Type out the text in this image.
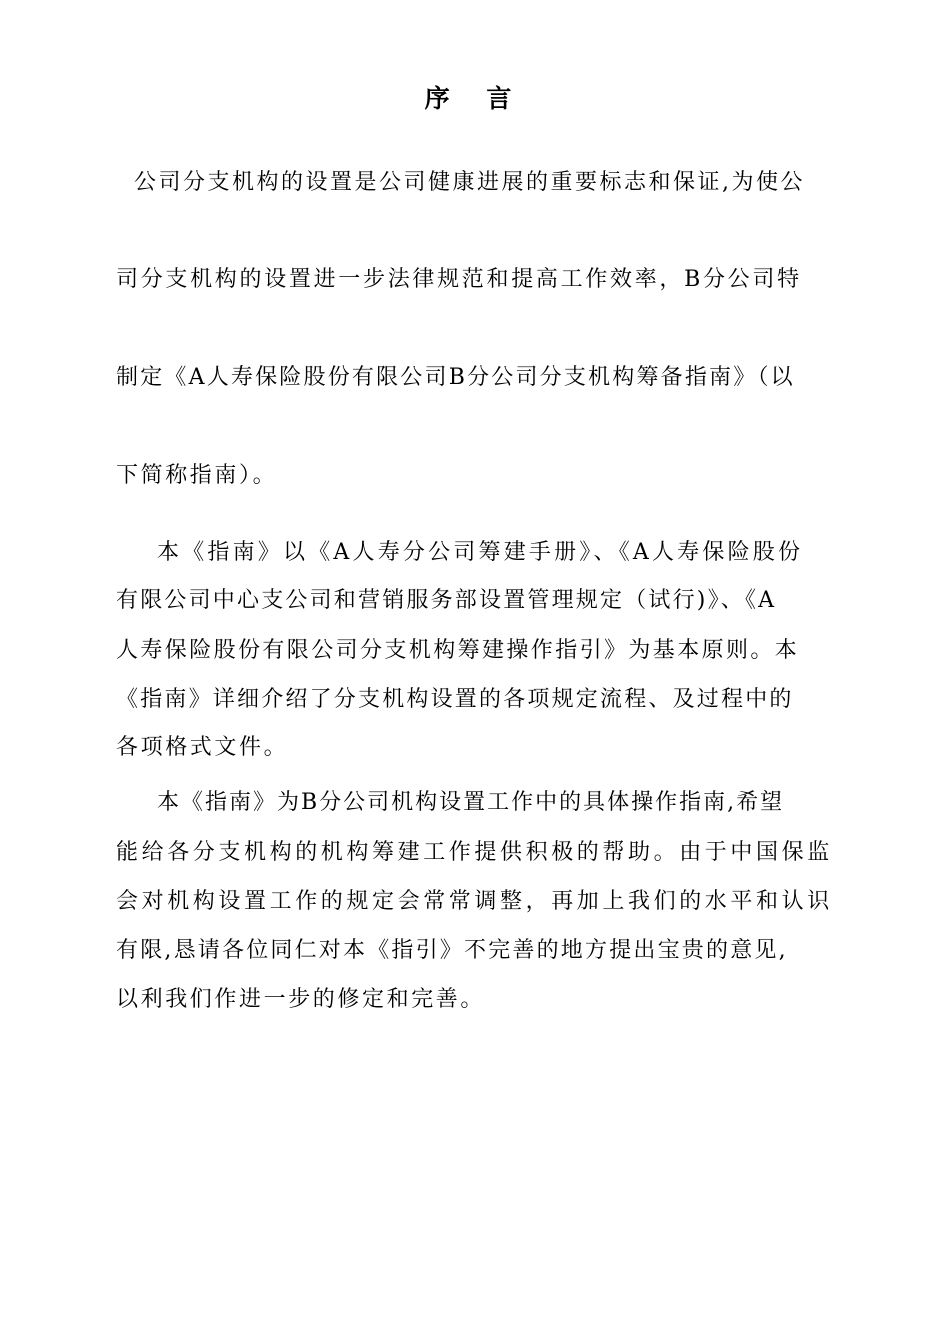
序 言
公司分支机构的设置是公司健康进展的重要标志和保证,为使公
司分支机构的设置进一步法律规范和提高工作效率，B分公司特
制定《A人寿保险股份有限公司B分公司分支机构筹备指南》（以
下简称指南）。
本《指南》以《A人寿分公司筹建手册》、《A人寿保险股份
有限公司中心支公司和营销服务部设置管理规定（试行)》、《A
人寿保险股份有限公司分支机构筹建操作指引》为基本原则。本
《指南》详细介绍了分支机构设置的各项规定流程、及过程中的
各项格式文件。
本《指南》为B分公司机构设置工作中的具体操作指南,希望
能给各分支机构的机构筹建工作提供积极的帮助。由于中国保监
会对机构设置工作的规定会常常调整，再加上我们的水平和认识
有限,恳请各位同仁对本《指引》不完善的地方提出宝贵的意见,
以利我们作进一步的修定和完善。
